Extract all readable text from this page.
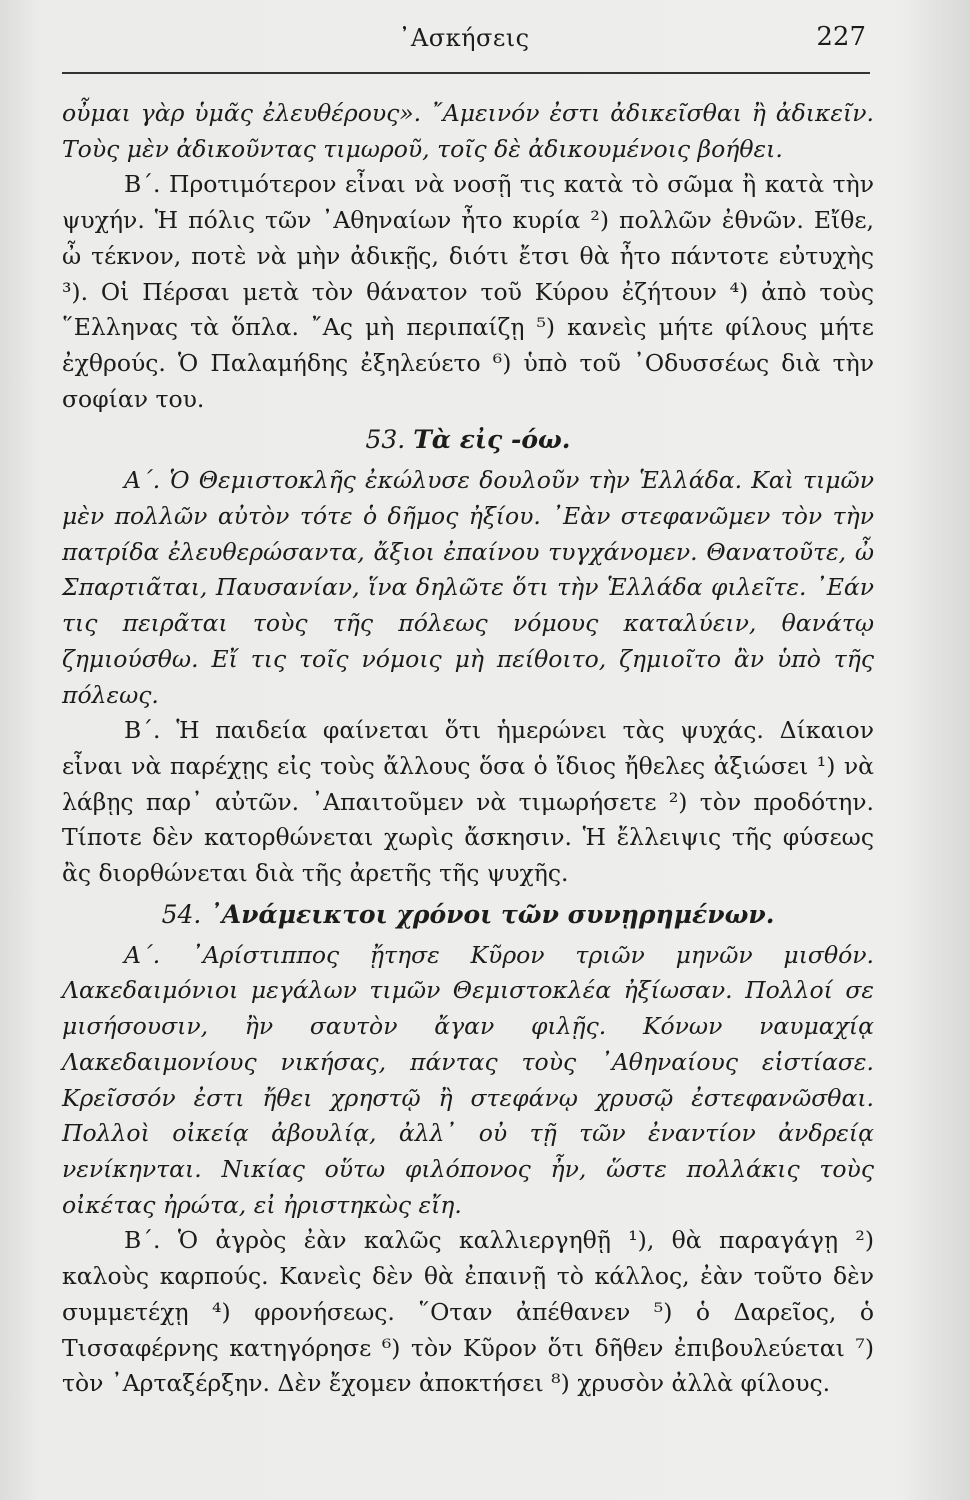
᾿Ασκήσεις	227

οὖμαι γὰρ ὑμᾶς ἐλευθέρους». ῎Αμεινόν ἐστι ἀδικεῖσθαι ἢ ἀδικεῖν. Τοὺς μὲν ἀδικοῦντας τιμωροῦ, τοῖς δὲ ἀδικουμένοις βοήθει.

Β΄. Προτιμότερον εἶναι νὰ νοσῇ τις κατὰ τὸ σῶμα ἢ κατὰ τὴν ψυχήν. Ἡ πόλις τῶν ᾿Αθηναίων ἦτο κυρία ²) πολλῶν ἐθνῶν. Εἴθε, ὦ τέκνον, ποτὲ νὰ μὴν ἀδικῇς, διότι ἔτσι θὰ ἦτο πάντοτε εὐτυχὴς ³). Οἱ Πέρσαι μετὰ τὸν θάνατον τοῦ Κύρου ἐζήτουν ⁴) ἀπὸ τοὺς ῞Ελληνας τὰ ὅπλα. ῎Ας μὴ περιπαίζῃ ⁵) κανεὶς μήτε φίλους μήτε ἐχθρούς. Ὁ Παλαμήδης ἐξηλεύετο ⁶) ὑπὸ τοῦ ᾿Οδυσσέως διὰ τὴν σοφίαν του.

53. Τὰ εἰς -όω.

Α΄. Ὁ Θεμιστοκλῆς ἐκώλυσε δουλοῦν τὴν Ἑλλάδα. Καὶ τιμῶν μὲν πολλῶν αὐτὸν τότε ὁ δῆμος ἠξίου. ᾿Εὰν στεφανῶμεν τὸν τὴν πατρίδα ἐλευθερώσαντα, ἄξιοι ἐπαίνου τυγχάνομεν. Θανατοῦτε, ὦ Σπαρτιᾶται, Παυσανίαν, ἵνα δηλῶτε ὅτι τὴν Ἑλλάδα φιλεῖτε. ᾿Εάν τις πειρᾶται τοὺς τῆς πόλεως νόμους καταλύειν, θανάτῳ ζημιούσθω. Εἴ τις τοῖς νόμοις μὴ πείθοιτο, ζημιοῖτο ἂν ὑπὸ τῆς πόλεως.

Β΄. Ἡ παιδεία φαίνεται ὅτι ἡμερώνει τὰς ψυχάς. Δίκαιον εἶναι νὰ παρέχῃς εἰς τοὺς ἄλλους ὅσα ὁ ἴδιος ἤθελες ἀξιώσει ¹) νὰ λάβῃς παρ᾿ αὐτῶν. ᾿Απαιτοῦμεν νὰ τιμωρήσετε ²) τὸν προδότην. Τίποτε δὲν κατορθώνεται χωρὶς ἄσκησιν. Ἡ ἔλλειψις τῆς φύσεως ἂς διορθώνεται διὰ τῆς ἀρετῆς τῆς ψυχῆς.

54. ᾿Ανάμεικτοι χρόνοι τῶν συνῃρημένων.

Α΄. ᾿Αρίστιππος ᾔτησε Κῦρον τριῶν μηνῶν μισθόν. Λακεδαιμόνιοι μεγάλων τιμῶν Θεμιστοκλέα ἠξίωσαν. Πολλοί σε μισήσουσιν, ἢν σαυτὸν ἄγαν φιλῇς. Κόνων ναυμαχίᾳ Λακεδαιμονίους νικήσας, πάντας τοὺς ᾿Αθηναίους εἱστίασε. Κρεῖσσόν ἐστι ἤθει χρηστῷ ἢ στεφάνῳ χρυσῷ ἐστεφανῶσθαι. Πολλοὶ οἰκείᾳ ἀβουλίᾳ, ἀλλ᾿ οὐ τῇ τῶν ἐναντίον ἀνδρείᾳ νενίκηνται. Νικίας οὕτω φιλόπονος ἦν, ὥστε πολλάκις τοὺς οἰκέτας ἠρώτα, εἰ ἠριστηκὼς εἴη.

Β΄. Ὁ ἀγρὸς ἐὰν καλῶς καλλιεργηθῇ ¹), θὰ παραγάγῃ ²) καλοὺς καρπούς. Κανεὶς δὲν θὰ ἐπαινῇ τὸ κάλλος, ἐὰν τοῦτο δὲν συμμετέχῃ ⁴) φρονήσεως. ῞Οταν ἀπέθανεν ⁵) ὁ Δαρεῖος, ὁ Τισσαφέρνης κατηγόρησε ⁶) τὸν Κῦρον ὅτι δῆθεν ἐπιβουλεύεται ⁷) τὸν ᾿Αρταξέρξην. Δὲν ἔχομεν ἀποκτήσει ⁸) χρυσὸν ἀλλὰ φίλους.
